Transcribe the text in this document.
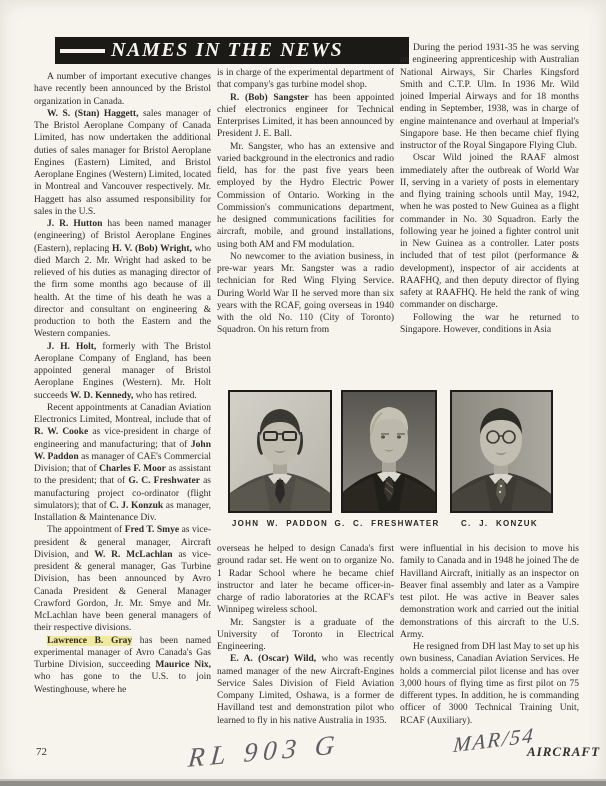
NAMES IN THE NEWS

A number of important executive changes have recently been announced by the Bristol organization in Canada.

W. S. (Stan) Haggett, sales manager of The Bristol Aeroplane Company of Canada Limited, has now undertaken the additional duties of sales manager for Bristol Aeroplane Engines (Eastern) Limited, and Bristol Aeroplane Engines (Western) Limited, located in Montreal and Vancouver respectively. Mr. Haggett has also assumed responsibility for sales in the U.S.

J. R. Hutton has been named manager (engineering) of Bristol Aeroplane Engines (Eastern), replacing H. V. (Bob) Wright, who died March 2. Mr. Wright had asked to be relieved of his duties as managing director of the firm some months ago because of ill health. At the time of his death he was a director and consultant on engineering & production to both the Eastern and the Western companies.

J. H. Holt, formerly with The Bristol Aeroplane Company of England, has been appointed general manager of Bristol Aeroplane Engines (Western). Mr. Holt succeeds W. D. Kennedy, who has retired.

Recent appointments at Canadian Aviation Electronics Limited, Montreal, include that of R. W. Cooke as vice-president in charge of engineering and manufacturing; that of John W. Paddon as manager of CAE's Commercial Division; that of Charles F. Moor as assistant to the president; that of G. C. Freshwater as manufacturing project co-ordinator (flight simulators); that of C. J. Konzuk as manager, Installation & Maintenance Div.

The appointment of Fred T. Smye as vice-president & general manager, Aircraft Division, and W. R. McLachlan as vice-president & general manager, Gas Turbine Division, has been announced by Avro Canada President & General Manager Crawford Gordon, Jr. Mr. Smye and Mr. McLachlan have been general managers of their respective divisions.

Lawrence B. Gray has been named experimental manager of Avro Canada's Gas Turbine Division, succeeding Maurice Nix, who has gone to the U.S. to join Westinghouse, where he

is in charge of the experimental department of that company's gas turbine model shop.

R. (Bob) Sangster has been appointed chief electronics engineer for Technical Enterprises Limited, it has been announced by President J. E. Ball.

Mr. Sangster, who has an extensive and varied background in the electronics and radio field, has for the past five years been employed by the Hydro Electric Power Commission of Ontario. Working in the Commission's communications department, he designed communications facilities for aircraft, mobile, and ground installations, using both AM and FM modulation.

No newcomer to the aviation business, in pre-war years Mr. Sangster was a radio technician for Red Wing Flying Service. During World War II he served more than six years with the RCAF, going overseas in 1940 with the old No. 110 (City of Toronto) Squadron. On his return from

During the period 1931-35 he was serving an engineering apprenticeship with Australian National Airways, Sir Charles Kingsford Smith and C.T.P. Ulm. In 1936 Mr. Wild joined Imperial Airways and for 18 months ending in September, 1938, was in charge of engine maintenance and overhaul at Imperial's Singapore base. He then became chief flying instructor of the Royal Singapore Flying Club.

Oscar Wild joined the RAAF almost immediately after the outbreak of World War II, serving in a variety of posts in elementary and flying training schools until May, 1942, when he was posted to New Guinea as a flight commander in No. 30 Squadron. Early the following year he joined a fighter control unit in New Guinea as a controller. Later posts included that of test pilot (performance & development), inspector of air accidents at RAAFHQ, and then deputy director of flying safety at RAAFHQ. He held the rank of wing commander on discharge.

Following the war he returned to Singapore. However, conditions in Asia

overseas he helped to design Canada's first ground radar set. He went on to organize No. 1 Radar School where he became chief instructor and later he became officer-in-charge of radio laboratories at the RCAF's Winnipeg wireless school.

Mr. Sangster is a graduate of the University of Toronto in Electrical Engineering.

E. A. (Oscar) Wild, who was recently named manager of the new Aircraft-Engines Service Sales Division of Field Aviation Company Limited, Oshawa, is a former de Havilland test and demonstration pilot who learned to fly in his native Australia in 1935.

were influential in his decision to move his family to Canada and in 1948 he joined The de Havilland Aircraft, initially as an inspector on Beaver final assembly and later as a Vampire test pilot. He was active in Beaver sales demonstration work and carried out the initial demonstrations of this aircraft to the U.S. Army.

He resigned from DH last May to set up his own business, Canadian Aviation Services. He holds a commercial pilot license and has over 3,000 hours of flying time as first pilot on 75 different types. In addition, he is commanding officer of 3000 Technical Training Unit, RCAF (Auxiliary).

JOHN W. PADDON G. C. FRESHWATER	C. J. KONZUK
72	RL 903 G	MAR/54
AIRCRAFT
